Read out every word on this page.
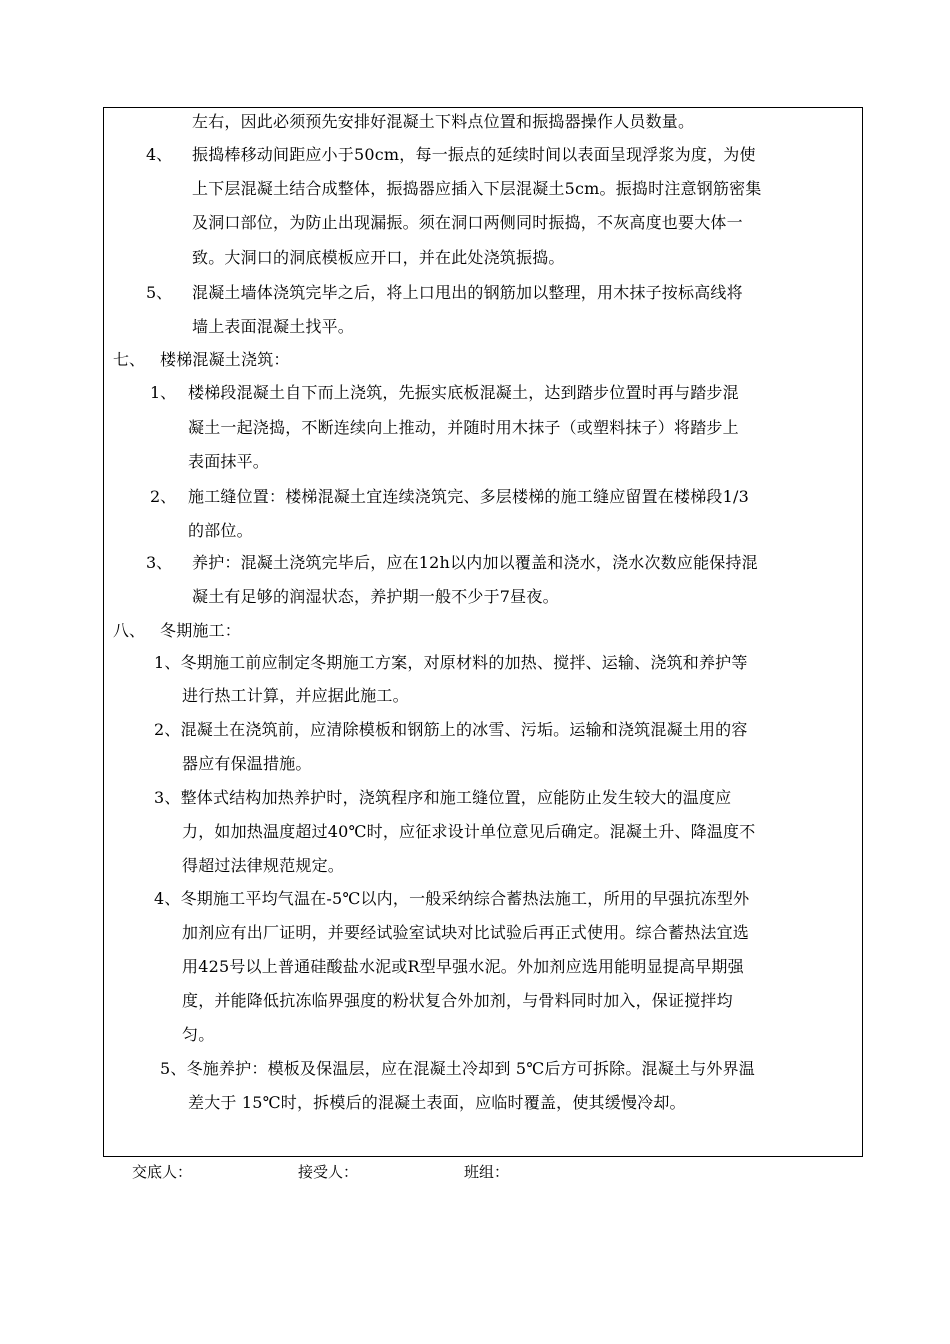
左右，因此必须预先安排好混凝土下料点位置和振捣器操作人员数量。
4、 振捣棒移动间距应小于50cm，每一振点的延续时间以表面呈现浮浆为度，为使
上下层混凝土结合成整体，振捣器应插入下层混凝土5cm。振捣时注意钢筋密集
及洞口部位，为防止出现漏振。须在洞口两侧同时振捣，不灰高度也要大体一
致。大洞口的洞底模板应开口，并在此处浇筑振捣。
5、 混凝土墙体浇筑完毕之后，将上口甩出的钢筋加以整理，用木抹子按标高线将
墙上表面混凝土找平。
七、 楼梯混凝土浇筑：
1、 楼梯段混凝土自下而上浇筑，先振实底板混凝土，达到踏步位置时再与踏步混
凝土一起浇捣，不断连续向上推动，并随时用木抹子（或塑料抹子）将踏步上
表面抹平。
2、 施工缝位置：楼梯混凝土宜连续浇筑完、多层楼梯的施工缝应留置在楼梯段1/3
的部位。
3、 养护：混凝土浇筑完毕后，应在12h以内加以覆盖和浇水，浇水次数应能保持混
凝土有足够的润湿状态，养护期一般不少于7昼夜。
八、 冬期施工：
1、冬期施工前应制定冬期施工方案，对原材料的加热、搅拌、运输、浇筑和养护等
进行热工计算，并应据此施工。
2、混凝土在浇筑前，应清除模板和钢筋上的冰雪、污垢。运输和浇筑混凝土用的容
器应有保温措施。
3、整体式结构加热养护时，浇筑程序和施工缝位置，应能防止发生较大的温度应
力，如加热温度超过40℃时，应征求设计单位意见后确定。混凝土升、降温度不
得超过法律规范规定。
4、冬期施工平均气温在-5℃以内，一般采纳综合蓄热法施工，所用的早强抗冻型外
加剂应有出厂证明，并要经试验室试块对比试验后再正式使用。综合蓄热法宜选
用425号以上普通硅酸盐水泥或R型早强水泥。外加剂应选用能明显提高早期强
度，并能降低抗冻临界强度的粉状复合外加剂，与骨料同时加入，保证搅拌均
匀。
5、冬施养护：模板及保温层，应在混凝土冷却到 5℃后方可拆除。混凝土与外界温
差大于 15℃时，拆模后的混凝土表面，应临时覆盖，使其缓慢冷却。
交底人：	接受人：	班组：
